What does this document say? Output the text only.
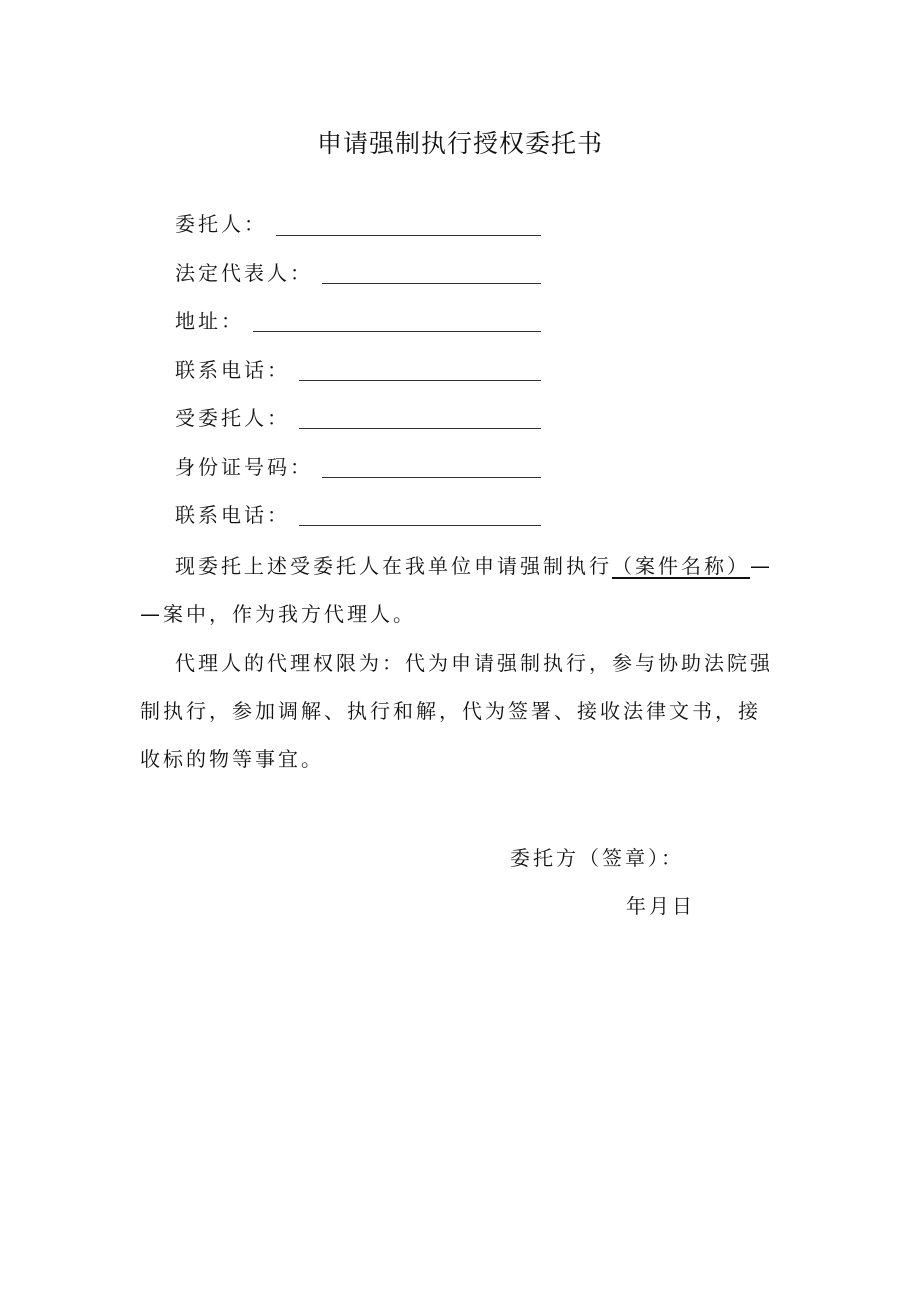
申请强制执行授权委托书
委托人：
法定代表人：
地址：
联系电话：
受委托人：
身份证号码：
联系电话：
现委托上述受委托人在我单位申请强制执行（案件名称）—
—案中，作为我方代理人。
代理人的代理权限为：代为申请强制执行，参与协助法院强
制执行，参加调解、执行和解，代为签署、接收法律文书，接
收标的物等事宜。
委托方（签章）：
年月日
